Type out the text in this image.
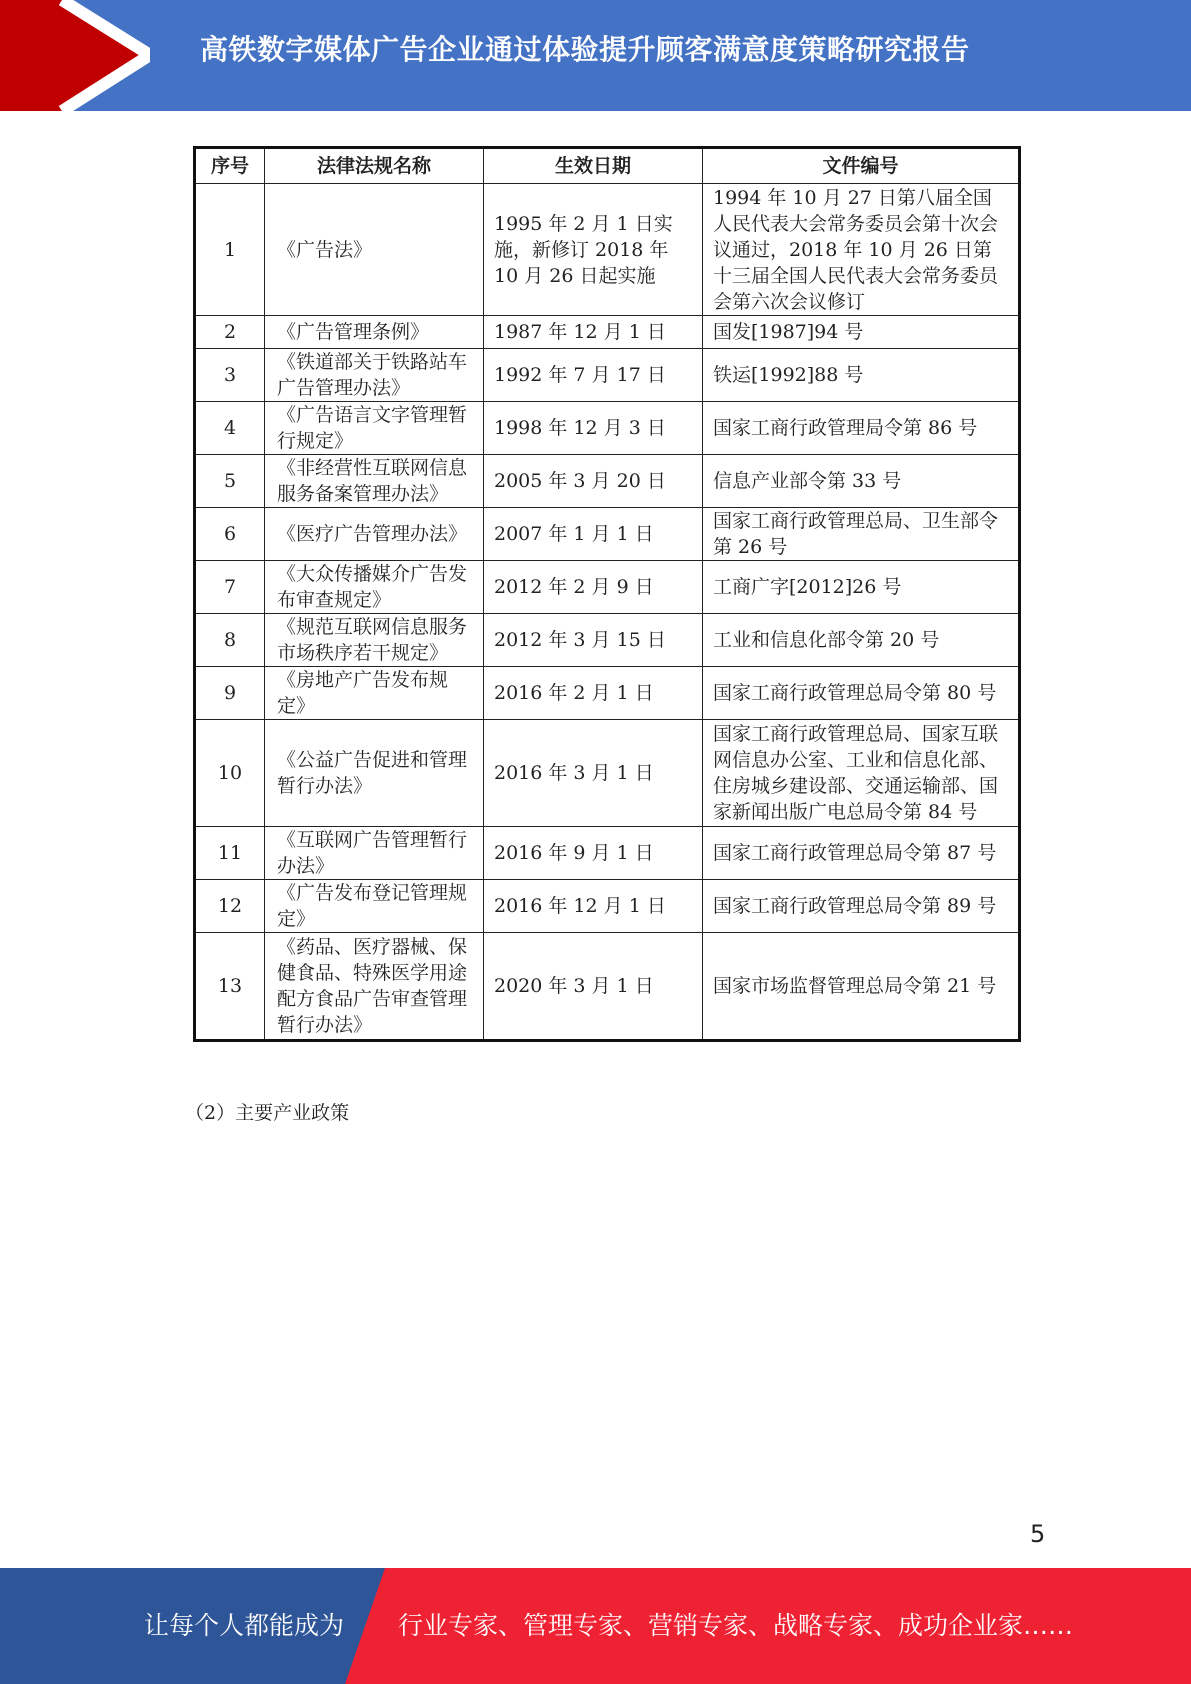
高铁数字媒体广告企业通过体验提升顾客满意度策略研究报告
序号	法律法规名称	生效日期	文件编号
1	《广告法》	1995 年 2 月 1 日实施，新修订 2018 年 10 月 26 日起实施	1994 年 10 月 27 日第八届全国人民代表大会常务委员会第十次会议通过，2018 年 10 月 26 日第十三届全国人民代表大会常务委员会第六次会议修订
2	《广告管理条例》	1987 年 12 月 1 日	国发[1987]94 号
3	《铁道部关于铁路站车广告管理办法》	1992 年 7 月 17 日	铁运[1992]88 号
4	《广告语言文字管理暂行规定》	1998 年 12 月 3 日	国家工商行政管理局令第 86 号
5	《非经营性互联网信息服务备案管理办法》	2005 年 3 月 20 日	信息产业部令第 33 号
6	《医疗广告管理办法》	2007 年 1 月 1 日	国家工商行政管理总局、卫生部令第 26 号
7	《大众传播媒介广告发布审查规定》	2012 年 2 月 9 日	工商广字[2012]26 号
8	《规范互联网信息服务市场秩序若干规定》	2012 年 3 月 15 日	工业和信息化部令第 20 号
9	《房地产广告发布规定》	2016 年 2 月 1 日	国家工商行政管理总局令第 80 号
10	《公益广告促进和管理暂行办法》	2016 年 3 月 1 日	国家工商行政管理总局、国家互联网信息办公室、工业和信息化部、住房城乡建设部、交通运输部、国家新闻出版广电总局令第 84 号
11	《互联网广告管理暂行办法》	2016 年 9 月 1 日	国家工商行政管理总局令第 87 号
12	《广告发布登记管理规定》	2016 年 12 月 1 日	国家工商行政管理总局令第 89 号
13	《药品、医疗器械、保健食品、特殊医学用途配方食品广告审查管理暂行办法》	2020 年 3 月 1 日	国家市场监督管理总局令第 21 号
（2）主要产业政策
5
让每个人都能成为 行业专家、管理专家、营销专家、战略专家、成功企业家……
